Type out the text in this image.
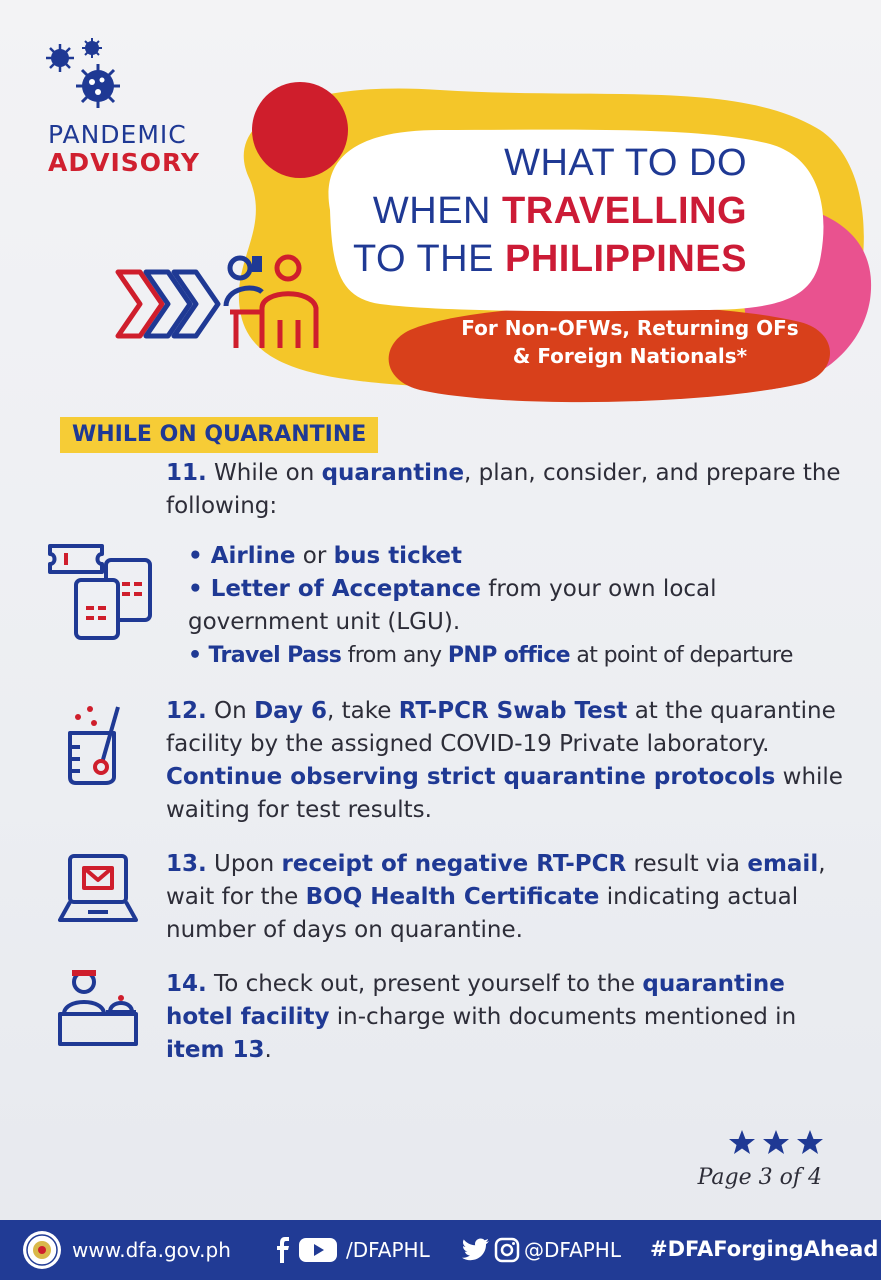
PANDEMIC
ADVISORY	WHAT TO DO
WHEN TRAVELLING
TO THE PHILIPPINES
For Non-OFWs, Returning OFs
& Foreign Nationals*
WHILE ON QUARANTINE
11. While on quarantine, plan, consider, and prepare the following:
• Airline or bus ticket
• Letter of Acceptance from your own local government unit (LGU).
• Travel Pass from any PNP office at point of departure
12. On Day 6, take RT-PCR Swab Test at the quarantine facility by the assigned COVID-19 Private laboratory. Continue observing strict quarantine protocols while waiting for test results.
13. Upon receipt of negative RT-PCR result via email, wait for the BOQ Health Certificate indicating actual number of days on quarantine.
14. To check out, present yourself to the quarantine hotel facility in-charge with documents mentioned in item 13.
Page 3 of 4
www.dfa.gov.ph	/DFAPHL	@DFAPHL #DFAForgingAhead
